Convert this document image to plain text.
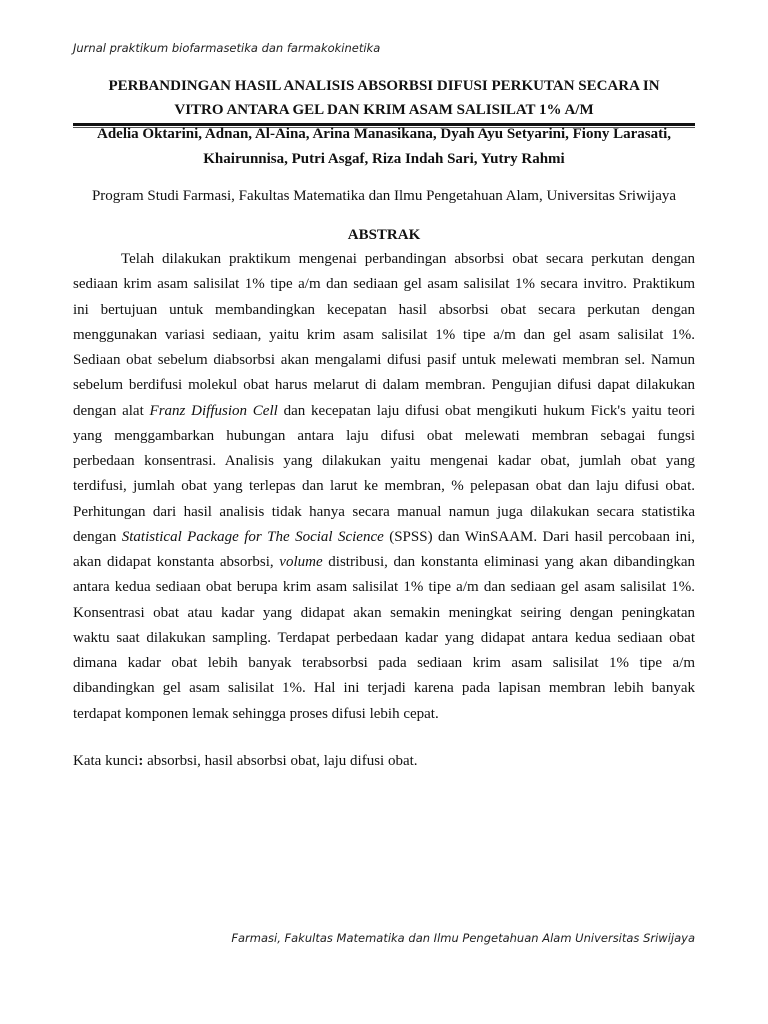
Jurnal praktikum biofarmasetika dan farmakokinetika
PERBANDINGAN HASIL ANALISIS ABSORBSI DIFUSI PERKUTAN SECARA IN
VITRO ANTARA GEL DAN KRIM ASAM SALISILAT 1% A/M
Adelia Oktarini, Adnan, Al-Aina, Arina Manasikana, Dyah Ayu Setyarini, Fiony Larasati,
Khairunnisa, Putri Asgaf, Riza Indah Sari, Yutry Rahmi
Program Studi Farmasi, Fakultas Matematika dan Ilmu Pengetahuan Alam, Universitas Sriwijaya
ABSTRAK
Telah dilakukan praktikum mengenai perbandingan absorbsi obat secara perkutan dengan
sediaan krim asam salisilat 1% tipe a/m dan sediaan gel asam salisilat 1% secara invitro. Praktikum
ini bertujuan untuk membandingkan kecepatan hasil absorbsi obat secara perkutan dengan
menggunakan variasi sediaan, yaitu krim asam salisilat 1% tipe a/m dan gel asam salisilat 1%.
Sediaan obat sebelum diabsorbsi akan mengalami difusi pasif untuk melewati membran sel. Namun
sebelum berdifusi molekul obat harus melarut di dalam membran. Pengujian difusi dapat dilakukan
dengan alat Franz Diffusion Cell dan kecepatan laju difusi obat mengikuti hukum Fick's yaitu teori
yang menggambarkan hubungan antara laju difusi obat melewati membran sebagai fungsi
perbedaan konsentrasi. Analisis yang dilakukan yaitu mengenai kadar obat, jumlah obat yang
terdifusi, jumlah obat yang terlepas dan larut ke membran, % pelepasan obat dan laju difusi obat.
Perhitungan dari hasil analisis tidak hanya secara manual namun juga dilakukan secara statistika
dengan Statistical Package for The Social Science (SPSS) dan WinSAAM. Dari hasil percobaan ini,
akan didapat konstanta absorbsi, volume distribusi, dan konstanta eliminasi yang akan dibandingkan
antara kedua sediaan obat berupa krim asam salisilat 1% tipe a/m dan sediaan gel asam salisilat 1%.
Konsentrasi obat atau kadar yang didapat akan semakin meningkat seiring dengan peningkatan
waktu saat dilakukan sampling. Terdapat perbedaan kadar yang didapat antara kedua sediaan obat
dimana kadar obat lebih banyak terabsorbsi pada sediaan krim asam salisilat 1% tipe a/m
dibandingkan gel asam salisilat 1%. Hal ini terjadi karena pada lapisan membran lebih banyak
terdapat komponen lemak sehingga proses difusi lebih cepat.
Kata kunci: absorbsi, hasil absorbsi obat, laju difusi obat.
Farmasi, Fakultas Matematika dan Ilmu Pengetahuan Alam Universitas Sriwijaya
